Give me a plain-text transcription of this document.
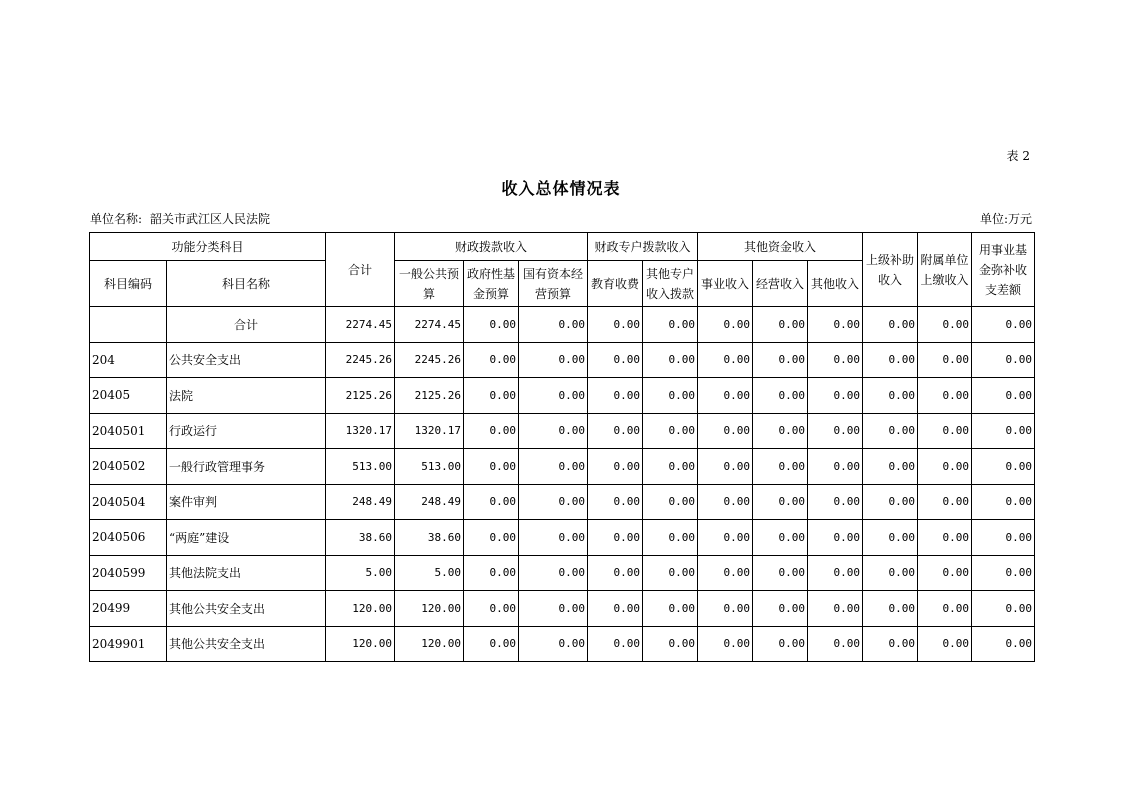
表 2
收入总体情况表
单位名称: 韶关市武江区人民法院	单位:万元
功能分类科目		合计	财政拨款收入			财政专户拨款收入		其他资金收入			上级补助收入	附属单位上缴收入	用事业基金弥补收支差额
科目编码	科目名称		一般公共预算	政府性基金预算	国有资本经营预算	教育收费	其他专户收入拨款	事业收入	经营收入	其他收入			
	合计	2274.45	2274.45	0.00	0.00	0.00	0.00	0.00	0.00	0.00	0.00	0.00	0.00
204	公共安全支出	2245.26	2245.26	0.00	0.00	0.00	0.00	0.00	0.00	0.00	0.00	0.00	0.00
20405	法院	2125.26	2125.26	0.00	0.00	0.00	0.00	0.00	0.00	0.00	0.00	0.00	0.00
2040501	行政运行	1320.17	1320.17	0.00	0.00	0.00	0.00	0.00	0.00	0.00	0.00	0.00	0.00
2040502	一般行政管理事务	513.00	513.00	0.00	0.00	0.00	0.00	0.00	0.00	0.00	0.00	0.00	0.00
2040504	案件审判	248.49	248.49	0.00	0.00	0.00	0.00	0.00	0.00	0.00	0.00	0.00	0.00
2040506	“两庭”建设	38.60	38.60	0.00	0.00	0.00	0.00	0.00	0.00	0.00	0.00	0.00	0.00
2040599	其他法院支出	5.00	5.00	0.00	0.00	0.00	0.00	0.00	0.00	0.00	0.00	0.00	0.00
20499	其他公共安全支出	120.00	120.00	0.00	0.00	0.00	0.00	0.00	0.00	0.00	0.00	0.00	0.00
2049901	其他公共安全支出	120.00	120.00	0.00	0.00	0.00	0.00	0.00	0.00	0.00	0.00	0.00	0.00
